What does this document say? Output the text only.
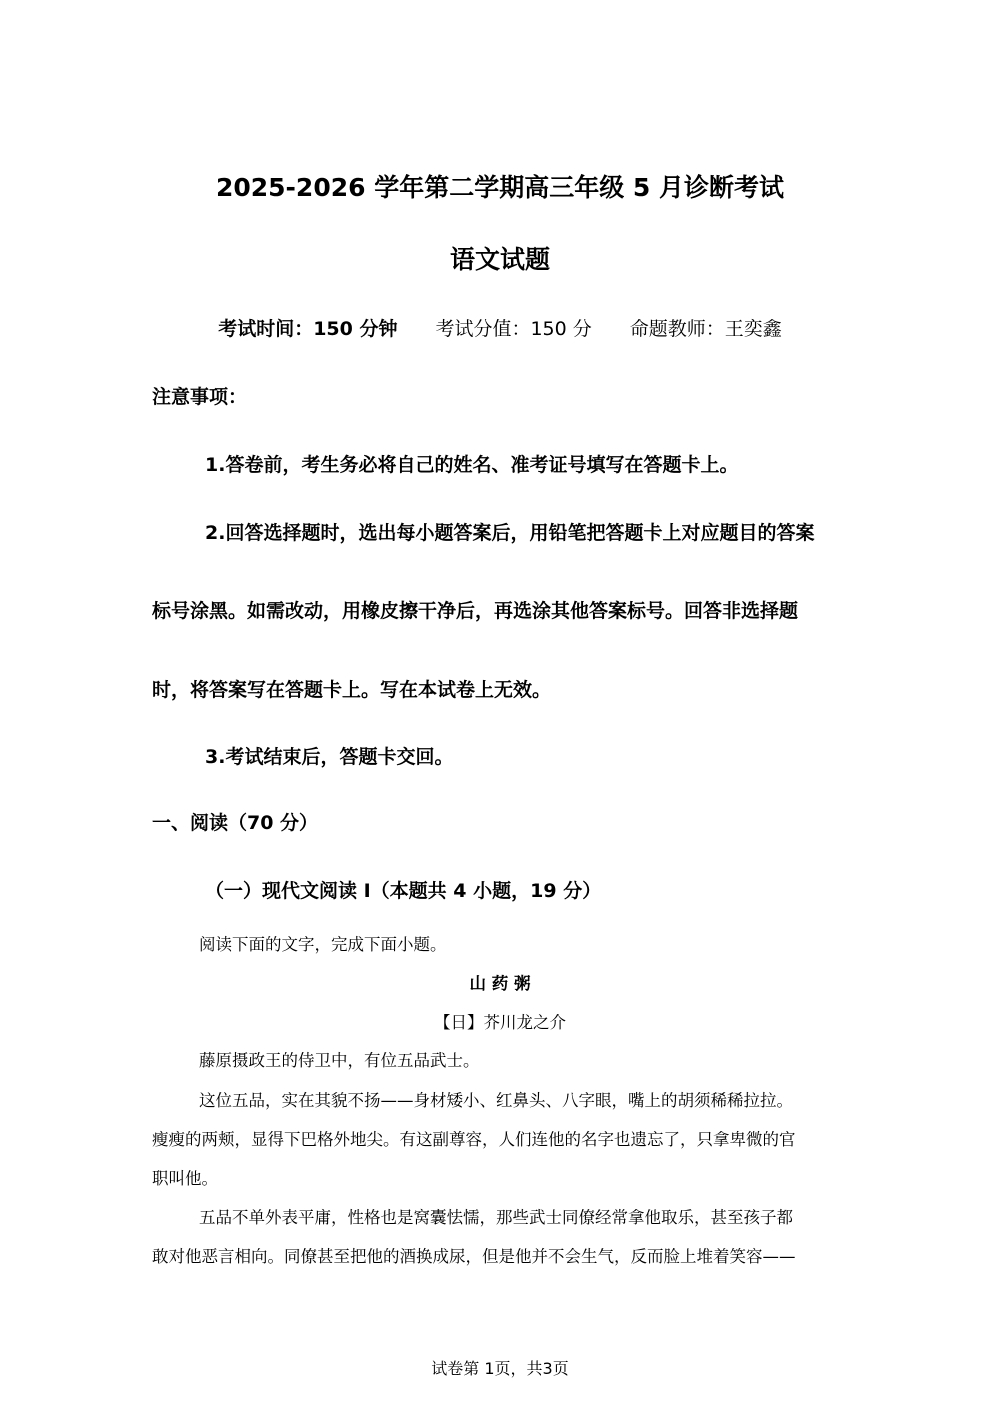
2025-2026 学年第二学期高三年级 5 月诊断考试
语文试题
考试时间：150 分钟 考试分值：150 分 命题教师：王奕鑫
注意事项：
1.答卷前，考生务必将自己的姓名、准考证号填写在答题卡上。
2.回答选择题时，选出每小题答案后，用铅笔把答题卡上对应题目的答案
标号涂黑。如需改动，用橡皮擦干净后，再选涂其他答案标号。回答非选择题
时，将答案写在答题卡上。写在本试卷上无效。
3.考试结束后，答题卡交回。
一、阅读（70 分）
（一）现代文阅读 I（本题共 4 小题，19 分）
阅读下面的文字，完成下面小题。
山 药 粥
【日】芥川龙之介
藤原摄政王的侍卫中，有位五品武士。
这位五品，实在其貌不扬——身材矮小、红鼻头、八字眼，嘴上的胡须稀稀拉拉。
瘦瘦的两颊，显得下巴格外地尖。有这副尊容，人们连他的名字也遗忘了，只拿卑微的官
职叫他。
五品不单外表平庸，性格也是窝囊怯懦，那些武士同僚经常拿他取乐，甚至孩子都
敢对他恶言相向。同僚甚至把他的酒换成尿，但是他并不会生气，反而脸上堆着笑容——
试卷第 1页，共3页
